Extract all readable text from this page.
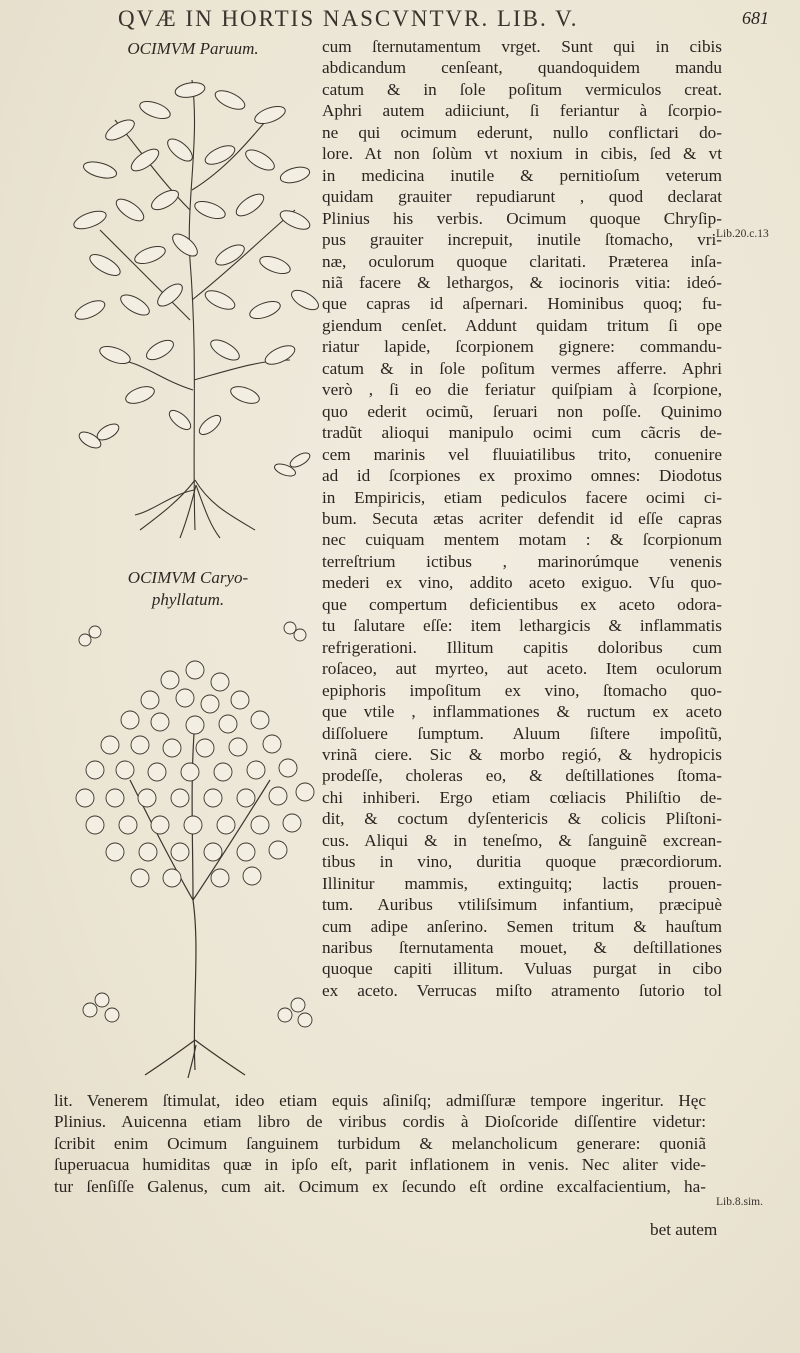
QVÆ IN HORTIS NASCVNTVR. LIB. V.	681
OCIMVM Paruum.
OCIMVM Caryo-
phyllatum.
cum ſternutamentum vrget. Sunt qui in cibis
abdicandum cenſeant, quandoquidem mandu
catum & in ſole poſitum vermiculos creat.
Aphri autem adiiciunt, ſi feriantur à ſcorpio-
ne qui ocimum ederunt, nullo conflictari do-
lore. At non ſolùm vt noxium in cibis, ſed & vt
in medicina inutile & pernitioſum veterum
quidam grauiter repudiarunt , quod declarat
Plinius his verbis. Ocimum quoque Chryſip-
pus grauiter increpuit, inutile ſtomacho, vri-
næ, oculorum quoque claritati. Præterea inſa-
niã facere & lethargos, & iocinoris vitia: ideó-
que capras id aſpernari. Hominibus quoq; fu-
giendum cenſet. Addunt quidam tritum ſi ope
riatur lapide, ſcorpionem gignere: commandu-
catum & in ſole poſitum vermes afferre. Aphri
verò , ſi eo die feriatur quiſpiam à ſcorpione,
quo ederit ocimũ, ſeruari non poſſe. Quinimo
tradũt alioqui manipulo ocimi cum cãcris de-
cem marinis vel fluuiatilibus trito, conuenire
ad id ſcorpiones ex proximo omnes: Diodotus
in Empiricis, etiam pediculos facere ocimi ci-
bum. Secuta ætas acriter defendit id eſſe capras
nec cuiquam mentem motam : & ſcorpionum
terreſtrium ictibus , marinorúmque venenis
mederi ex vino, addito aceto exiguo. Vſu quo-
que compertum deficientibus ex aceto odora-
tu ſalutare eſſe: item lethargicis & inflammatis
refrigerationi. Illitum capitis doloribus cum
roſaceo, aut myrteo, aut aceto. Item oculorum
epiphoris impoſitum ex vino, ſtomacho quo-
que vtile , inflammationes & ructum ex aceto
diſſoluere ſumptum. Aluum ſiſtere impoſitũ,
vrinã ciere. Sic & morbo regió, & hydropicis
prodeſſe, choleras eo, & deſtillationes ſtoma-
chi inhiberi. Ergo etiam cœliacis Philiſtio de-
dit, & coctum dyſentericis & colicis Pliſtoni-
cus. Aliqui & in teneſmo, & ſanguinẽ excrean-
tibus in vino, duritia quoque præcordiorum.
Illinitur mammis, extinguitq; lactis prouen-
tum. Auribus vtiliſsimum infantium, præcipuè
cum adipe anſerino. Semen tritum & hauſtum
naribus ſternutamenta mouet, & deſtillationes
quoque capiti illitum. Vuluas purgat in cibo
ex aceto. Verrucas miſto atramento ſutorio tol
lit. Venerem ſtimulat, ideo etiam equis aſiniſq; admiſſuræ tempore ingeritur. Hęc
Plinius. Auicenna etiam libro de viribus cordis à Dioſcoride diſſentire videtur:
ſcribit enim Ocimum ſanguinem turbidum & melancholicum generare: quoniã
ſuperuacua humiditas quæ in ipſo eſt, parit inflationem in venis. Nec aliter vide-
tur ſenſiſſe Galenus, cum ait. Ocimum ex ſecundo eſt ordine excalfacientium, ha-
bet autem
Lib.20.c.13
Lib.8.sim.
